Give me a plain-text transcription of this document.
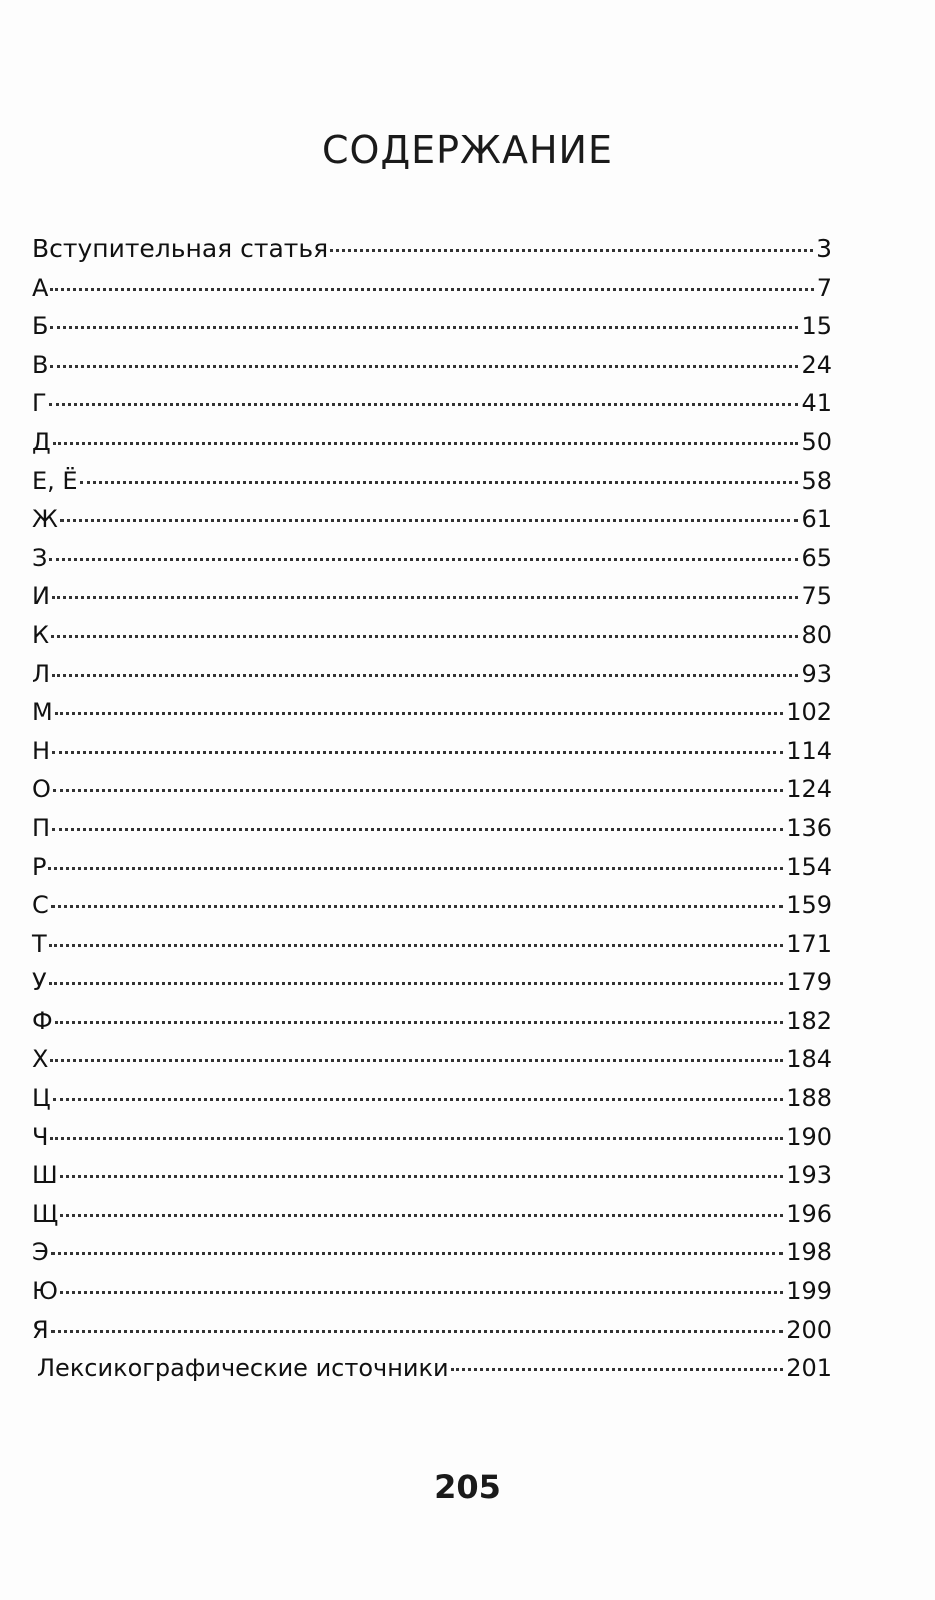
СОДЕРЖАНИЕ
Вступительная статья	3
А	7
Б	15
В	24
Г	41
Д	50
Е, Ё	58
Ж	61
З	65
И	75
К	80
Л	93
М	102
Н	114
О	124
П	136
Р	154
С	159
Т	171
У	179
Ф	182
Х	184
Ц	188
Ч	190
Ш	193
Щ	196
Э	198
Ю	199
Я	200
Лексикографические источники	201
205
